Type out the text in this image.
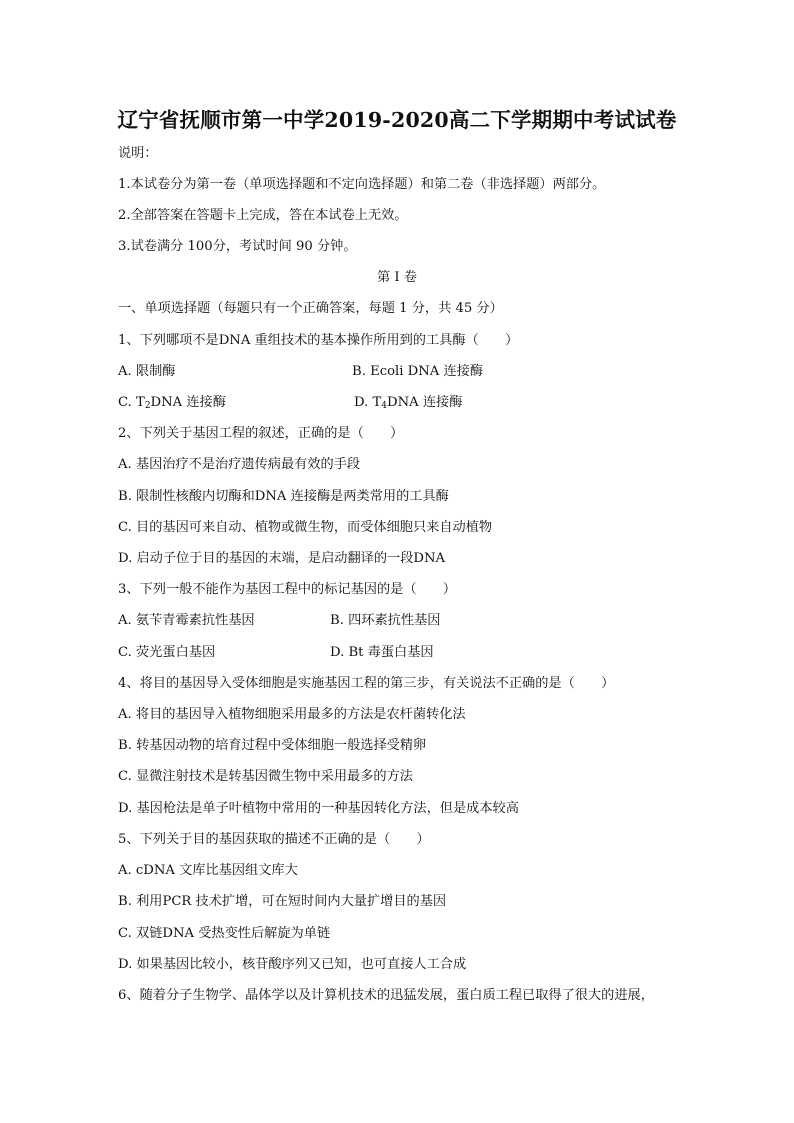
辽宁省抚顺市第一中学2019-2020高二下学期期中考试试卷
说明：
1.本试卷分为第一卷（单项选择题和不定向选择题）和第二卷（非选择题）两部分。
2.全部答案在答题卡上完成，答在本试卷上无效。
3.试卷满分 100分，考试时间 90 分钟。
第 I 卷
一、单项选择题（每题只有一个正确答案，每题 1 分，共 45 分）
1、下列哪项不是DNA 重组技术的基本操作所用到的工具酶（　　）
A. 限制酶	B. Ecoli DNA 连接酶
C. $T_2DNA$ 连接酶	D. $T_4DNA$ 连接酶
2、下列关于基因工程的叙述，正确的是（　　）
A. 基因治疗不是治疗遗传病最有效的手段
B. 限制性核酸内切酶和DNA 连接酶是两类常用的工具酶
C. 目的基因可来自动、植物或微生物，而受体细胞只来自动植物
D. 启动子位于目的基因的末端，是启动翻译的一段DNA
3、下列一般不能作为基因工程中的标记基因的是（　　）
A. 氨苄青霉素抗性基因	B. 四环素抗性基因
C. 荧光蛋白基因	D. Bt 毒蛋白基因
4、将目的基因导入受体细胞是实施基因工程的第三步，有关说法不正确的是（　　）
A. 将目的基因导入植物细胞采用最多的方法是农杆菌转化法
B. 转基因动物的培育过程中受体细胞一般选择受精卵
C. 显微注射技术是转基因微生物中采用最多的方法
D. 基因枪法是单子叶植物中常用的一种基因转化方法，但是成本较高
5、下列关于目的基因获取的描述不正确的是（　　）
A. cDNA 文库比基因组文库大
B. 利用PCR 技术扩增，可在短时间内大量扩增目的基因
C. 双链DNA 受热变性后解旋为单链
D. 如果基因比较小，核苷酸序列又已知，也可直接人工合成
6、随着分子生物学、晶体学以及计算机技术的迅猛发展，蛋白质工程已取得了很大的进展，
